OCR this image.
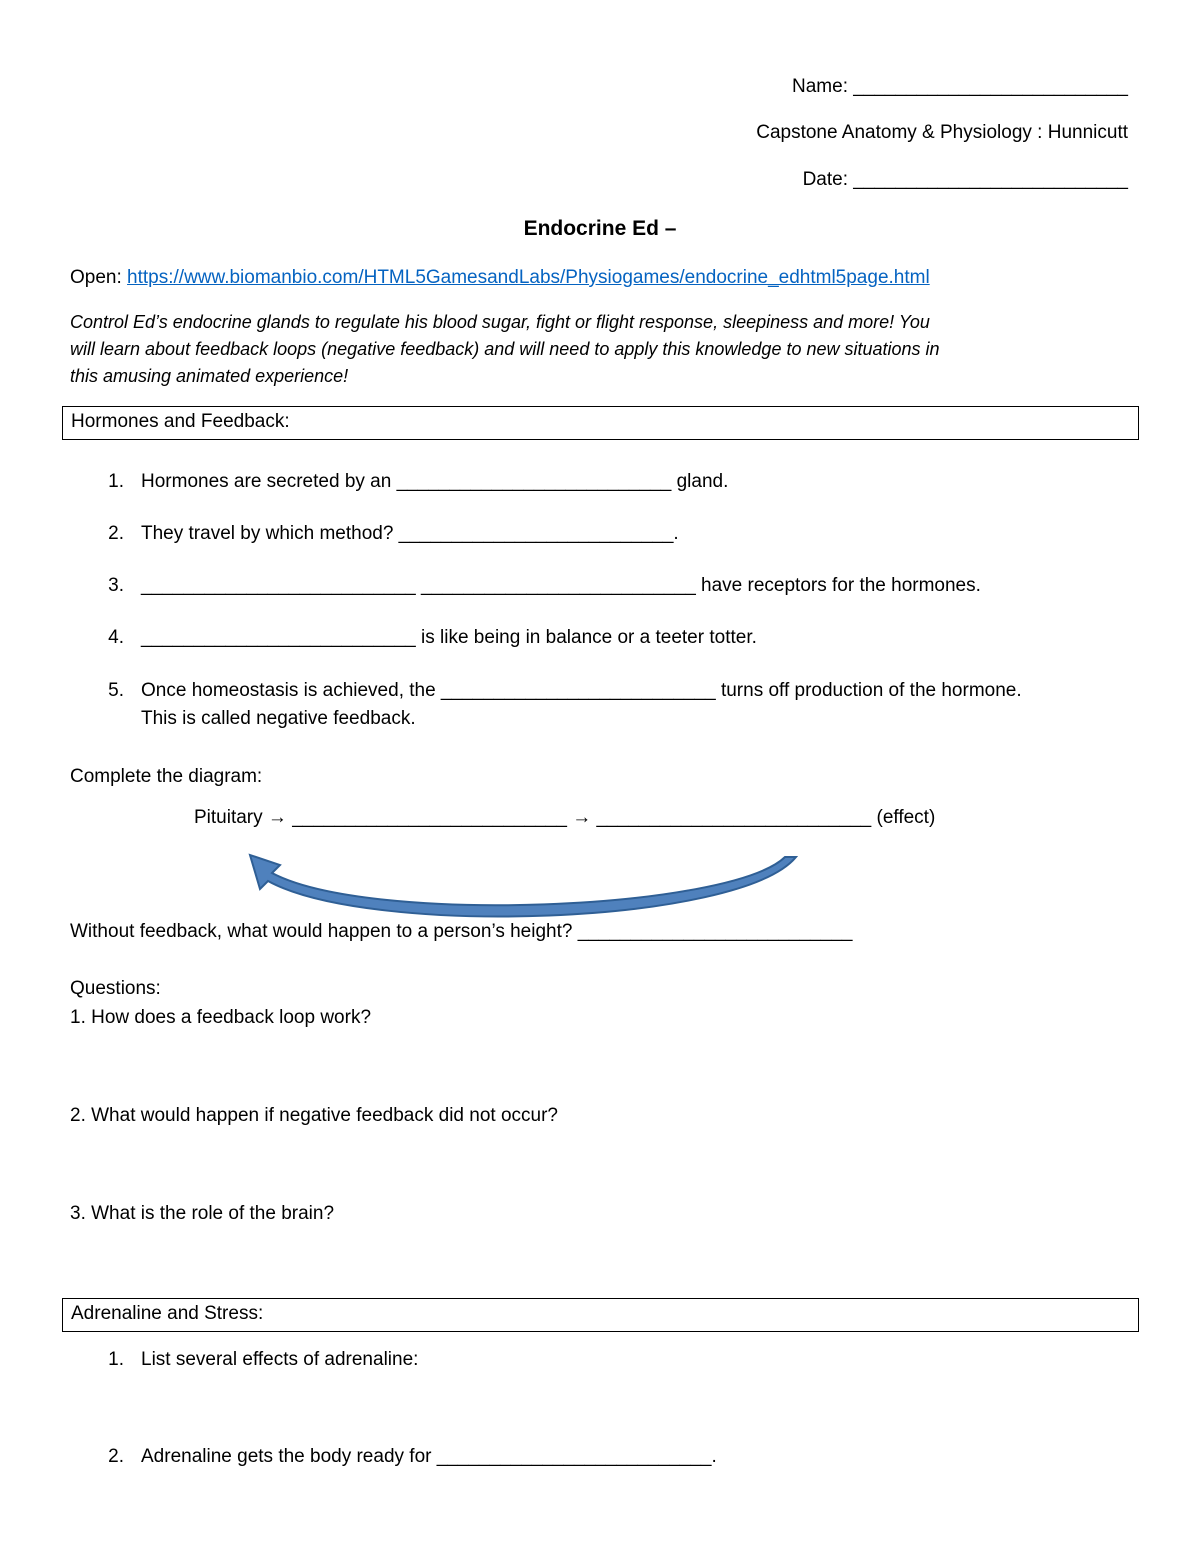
Name: __________________________
Capstone Anatomy & Physiology : Hunnicutt
Date: __________________________
Endocrine Ed –
Open: https://www.biomanbio.com/HTML5GamesandLabs/Physiogames/endocrine_edhtml5page.html
Control Ed’s endocrine glands to regulate his blood sugar, fight or flight response, sleepiness and more! You
will learn about feedback loops (negative feedback) and will need to apply this knowledge to new situations in
this amusing animated experience!
Hormones and Feedback:
1. Hormones are secreted by an __________________________ gland.
2. They travel by which method? __________________________.
3. __________________________ __________________________ have receptors for the hormones.
4. __________________________ is like being in balance or a teeter totter.
5. Once homeostasis is achieved, the __________________________ turns off production of the hormone.
This is called negative feedback.
Complete the diagram:
Pituitary → __________________________ → __________________________ (effect)
Without feedback, what would happen to a person’s height? __________________________
Questions:
1. How does a feedback loop work?
2. What would happen if negative feedback did not occur?
3. What is the role of the brain?
Adrenaline and Stress:
1. List several effects of adrenaline:
2. Adrenaline gets the body ready for __________________________.
